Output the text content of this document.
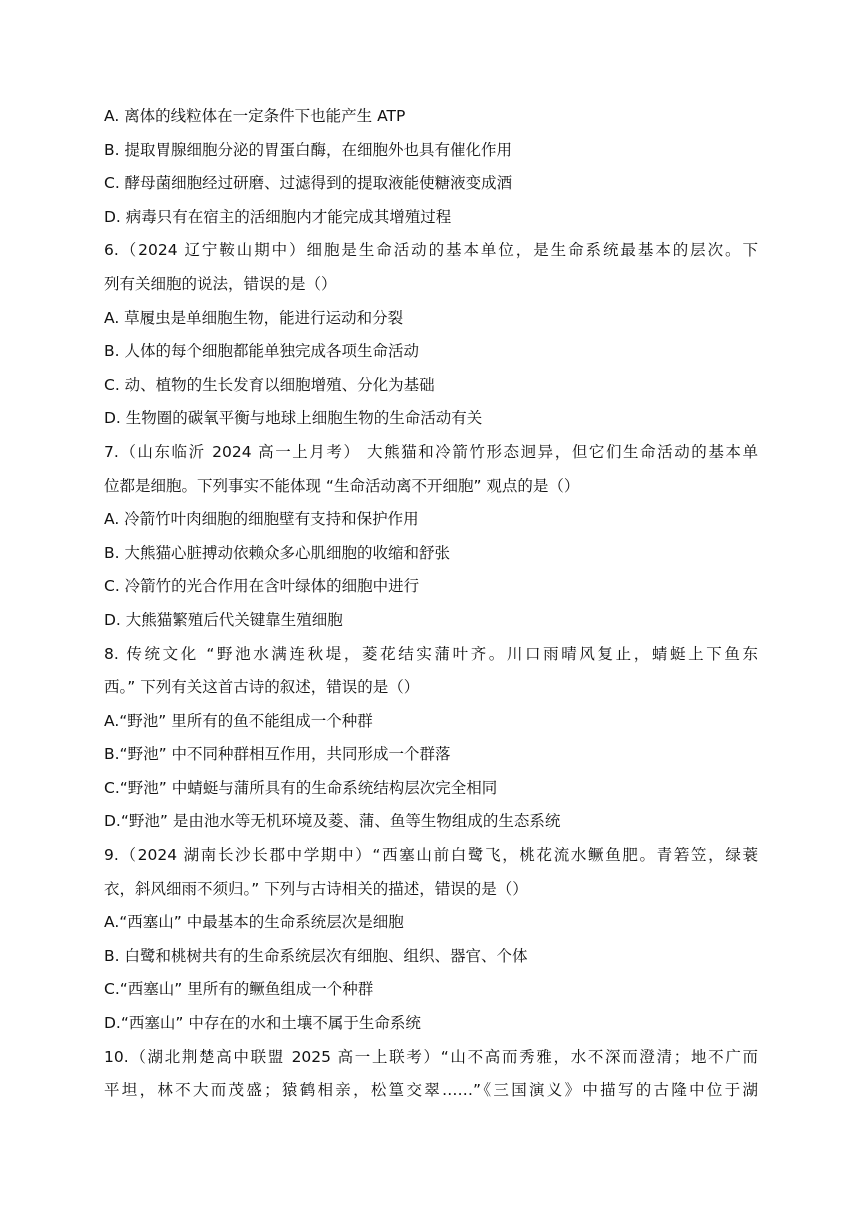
A. 离体的线粒体在一定条件下也能产生 ATP
B. 提取胃腺细胞分泌的胃蛋白酶，在细胞外也具有催化作用
C. 酵母菌细胞经过研磨、过滤得到的提取液能使糖液变成酒
D. 病毒只有在宿主的活细胞内才能完成其增殖过程
6.（2024 辽宁鞍山期中）细胞是生命活动的基本单位，是生命系统最基本的层次。下
列有关细胞的说法，错误的是（）
A. 草履虫是单细胞生物，能进行运动和分裂
B. 人体的每个细胞都能单独完成各项生命活动
C. 动、植物的生长发育以细胞增殖、分化为基础
D. 生物圈的碳氧平衡与地球上细胞生物的生命活动有关
7.（山东临沂 2024 高一上月考） 大熊猫和冷箭竹形态迥异，但它们生命活动的基本单
位都是细胞。下列事实不能体现 “生命活动离不开细胞” 观点的是（）
A. 冷箭竹叶肉细胞的细胞壁有支持和保护作用
B. 大熊猫心脏搏动依赖众多心肌细胞的收缩和舒张
C. 冷箭竹的光合作用在含叶绿体的细胞中进行
D. 大熊猫繁殖后代关键靠生殖细胞
8. 传统文化 “野池水满连秋堤，菱花结实蒲叶齐。川口雨晴风复止，蜻蜓上下鱼东
西。” 下列有关这首古诗的叙述，错误的是（）
A.“野池” 里所有的鱼不能组成一个种群
B.“野池” 中不同种群相互作用，共同形成一个群落
C.“野池” 中蜻蜓与蒲所具有的生命系统结构层次完全相同
D.“野池” 是由池水等无机环境及菱、蒲、鱼等生物组成的生态系统
9.（2024 湖南长沙长郡中学期中）“西塞山前白鹭飞，桃花流水鳜鱼肥。青箬笠，绿蓑
衣，斜风细雨不须归。” 下列与古诗相关的描述，错误的是（）
A.“西塞山” 中最基本的生命系统层次是细胞
B. 白鹭和桃树共有的生命系统层次有细胞、组织、器官、个体
C.“西塞山” 里所有的鳜鱼组成一个种群
D.“西塞山” 中存在的水和土壤不属于生命系统
10.（湖北荆楚高中联盟 2025 高一上联考）“山不高而秀雅，水不深而澄清；地不广而
平坦，林不大而茂盛；猿鹤相亲，松篁交翠……”《三国演义》中描写的古隆中位于湖
